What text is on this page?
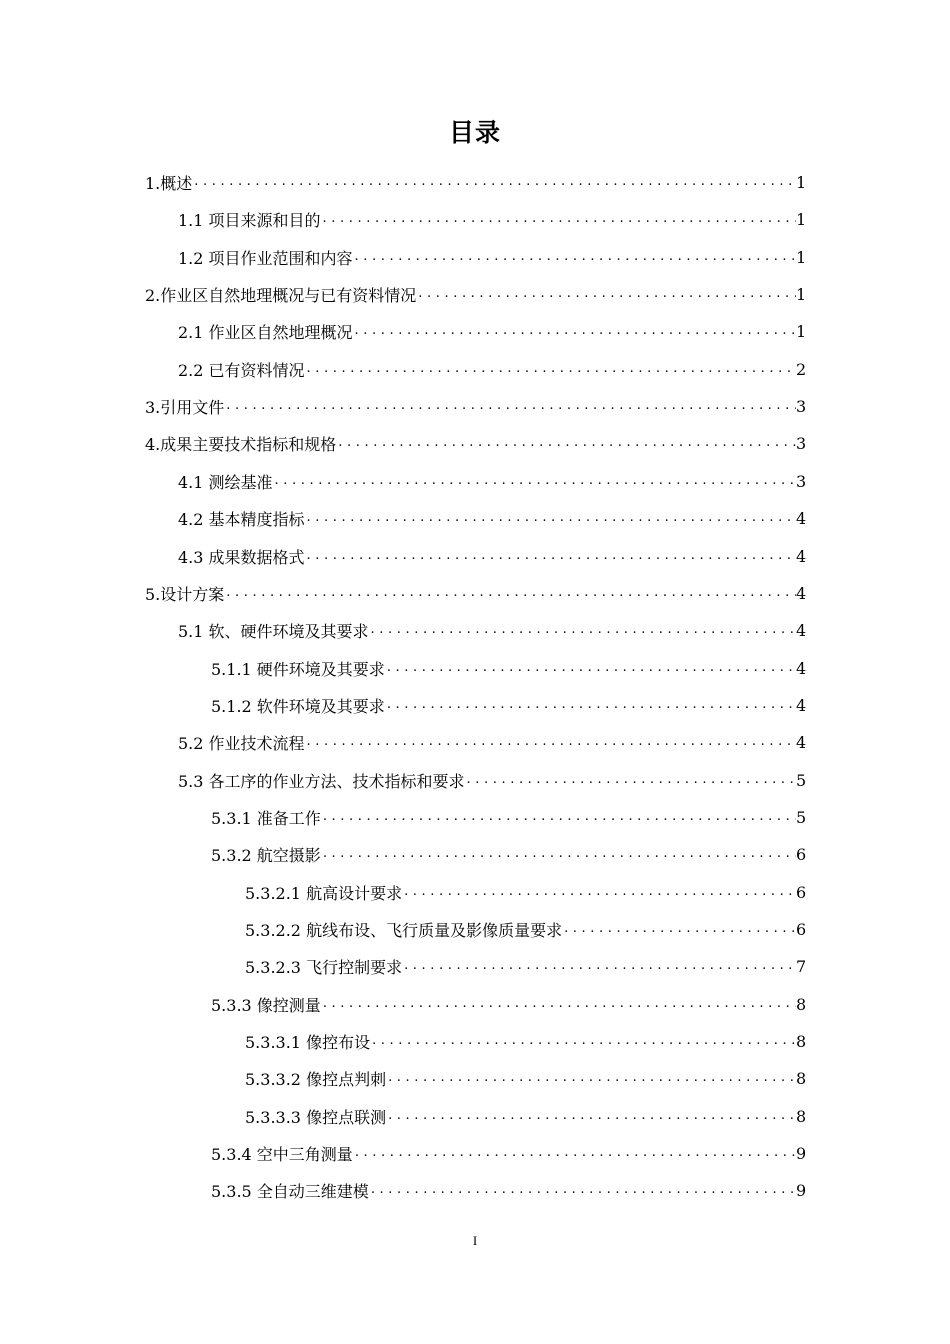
目录
1.概述 .....	1
1.1 项目来源和目的 .....	1
1.2 项目作业范围和内容 .....	1
2.作业区自然地理概况与已有资料情况 .....	1
2.1 作业区自然地理概况 .....	1
2.2 已有资料情况 .....	2
3.引用文件 .....	3
4.成果主要技术指标和规格 .....	3
4.1 测绘基准 .....	3
4.2 基本精度指标 .....	4
4.3 成果数据格式 .....	4
5.设计方案 .....	4
5.1 软、硬件环境及其要求 .....	4
5.1.1 硬件环境及其要求 .....	4
5.1.2 软件环境及其要求 .....	4
5.2 作业技术流程 .....	4
5.3 各工序的作业方法、技术指标和要求 .....	5
5.3.1 准备工作 .....	5
5.3.2 航空摄影 .....	6
5.3.2.1 航高设计要求 .....	6
5.3.2.2 航线布设、飞行质量及影像质量要求 .....	6
5.3.2.3 飞行控制要求 .....	7
5.3.3 像控测量 .....	8
5.3.3.1 像控布设 .....	8
5.3.3.2 像控点判刺 .....	8
5.3.3.3 像控点联测 .....	8
5.3.4 空中三角测量 .....	9
5.3.5 全自动三维建模 .....	9
I
